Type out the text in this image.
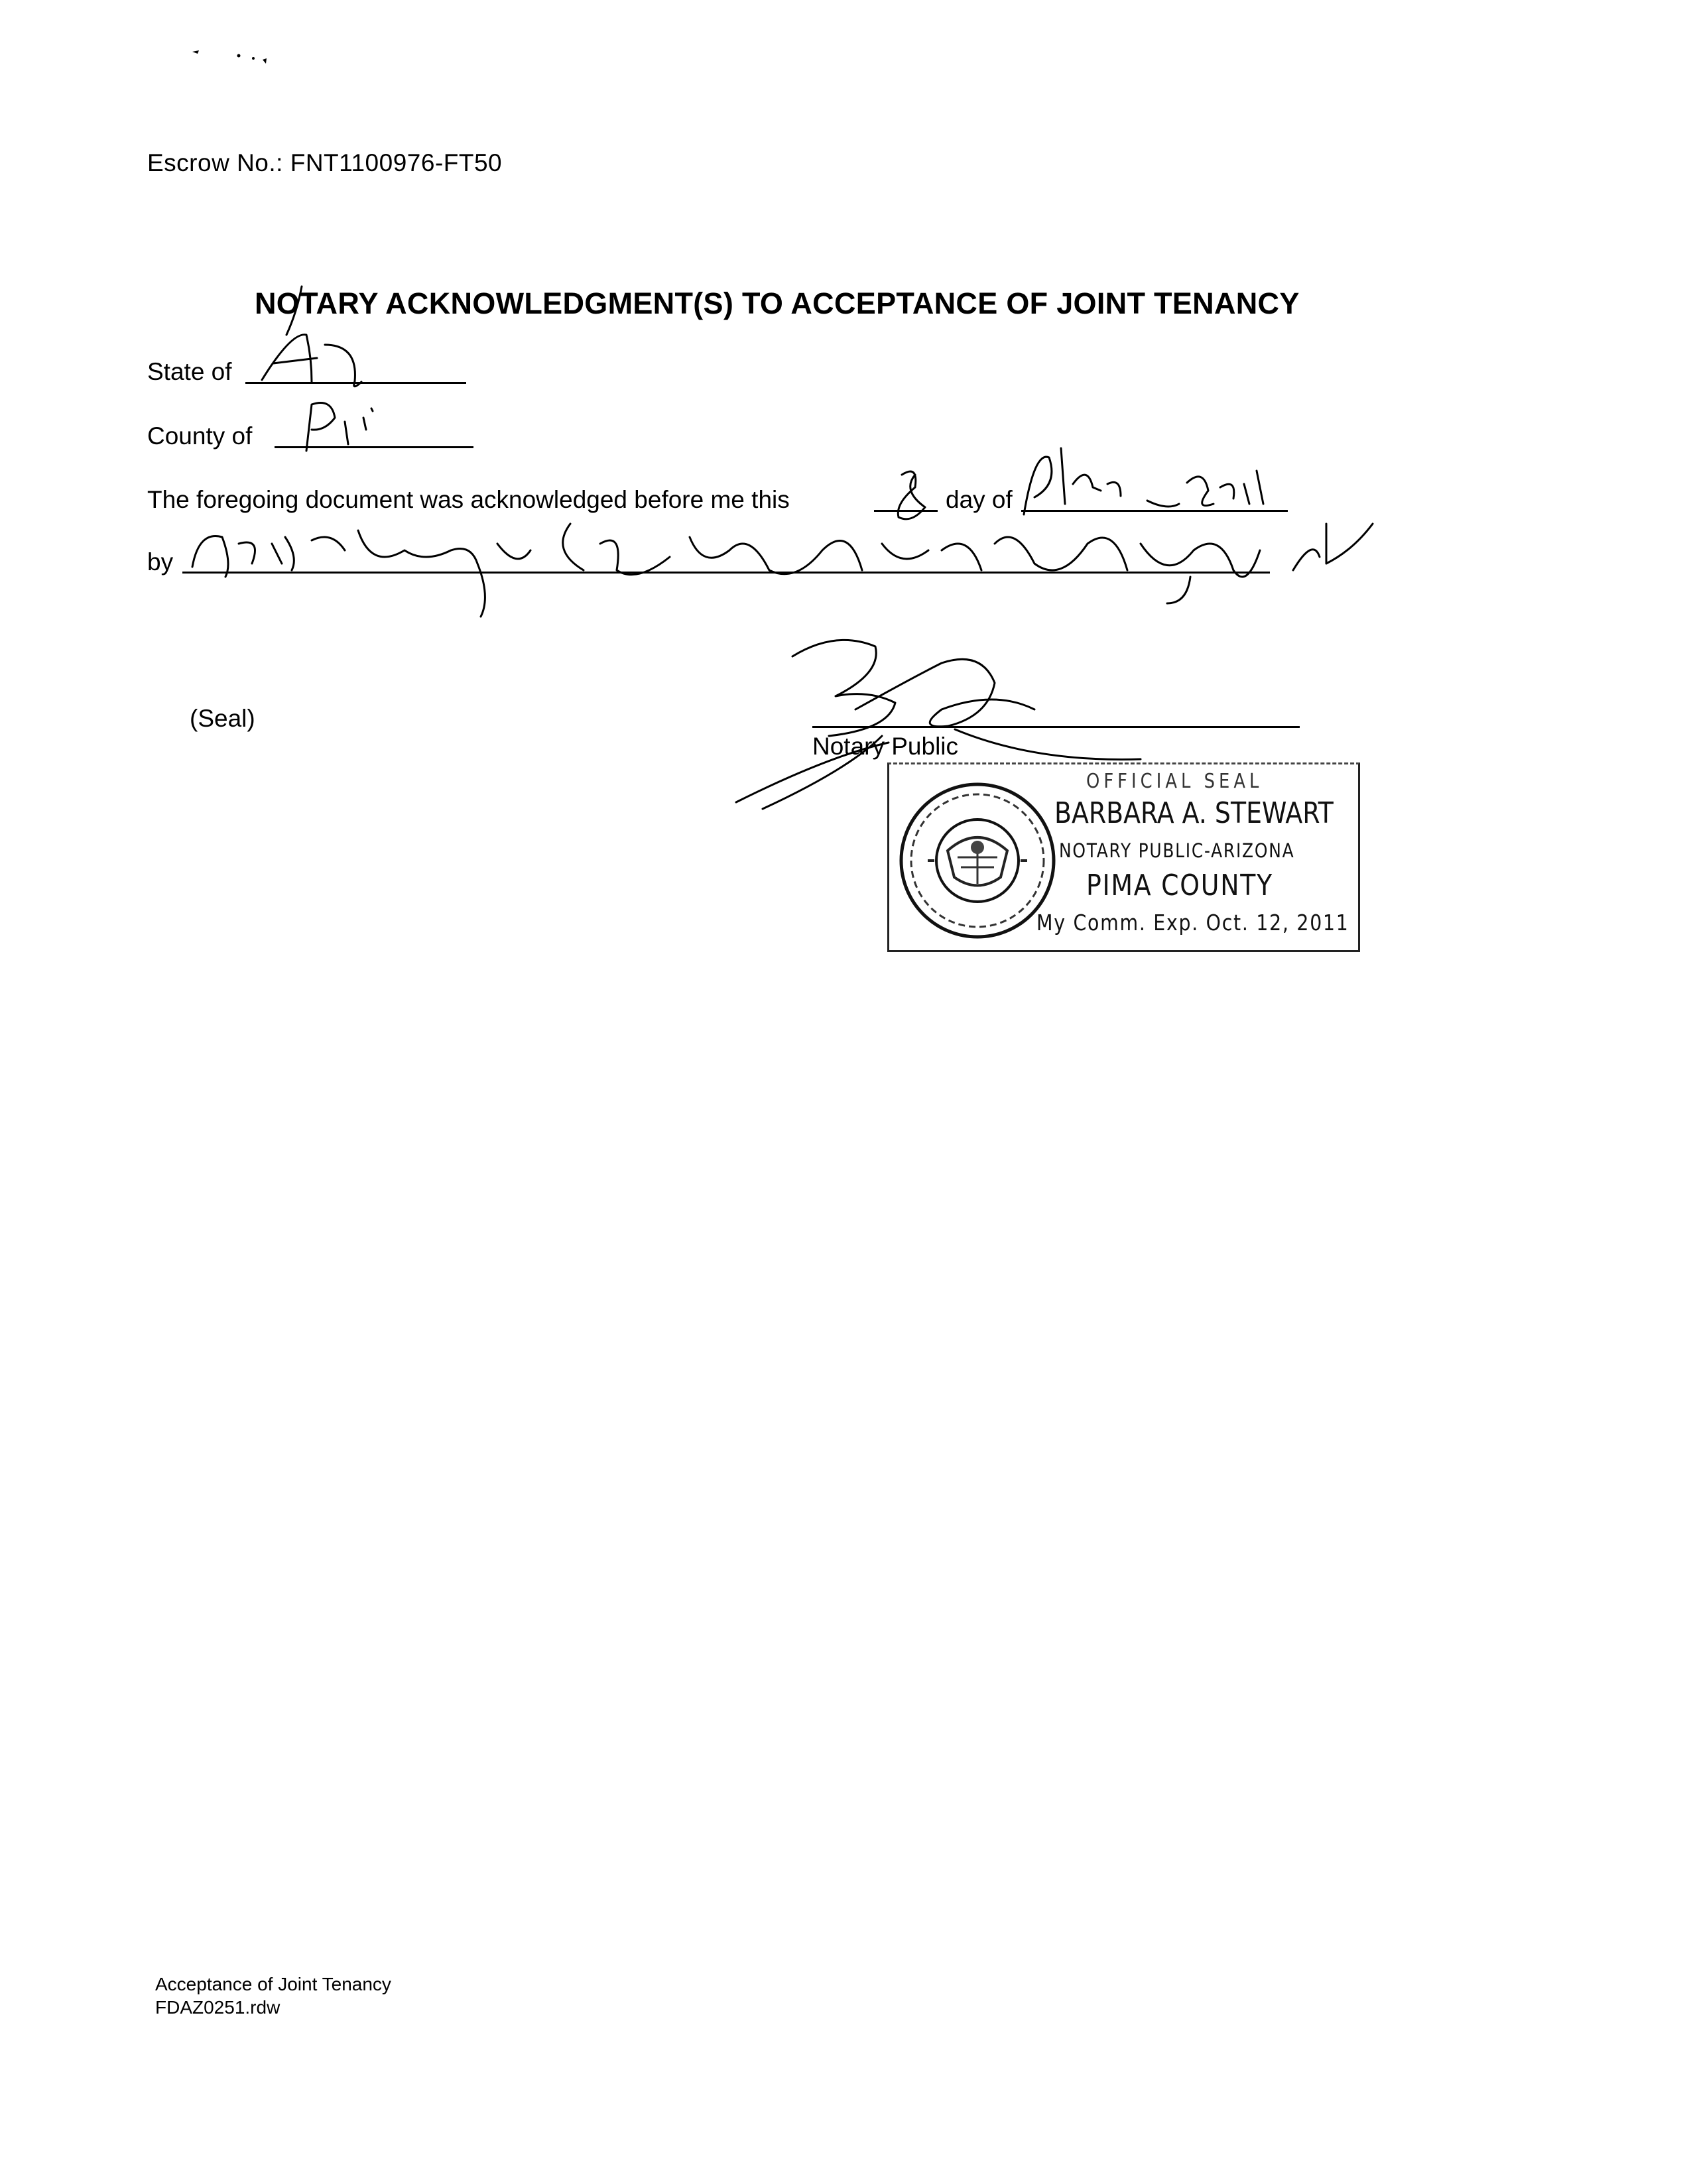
Escrow No.: FNT1100976-FT50
NOTARY ACKNOWLEDGMENT(S) TO ACCEPTANCE OF JOINT TENANCY
State of
County of
The foregoing document was acknowledged before me this	day of
by
(Seal)
Notary Public
OFFICIAL SEAL
BARBARA A. STEWART
NOTARY PUBLIC-ARIZONA
PIMA COUNTY
My Comm. Exp. Oct. 12, 2011
Acceptance of Joint Tenancy
FDAZ0251.rdw
